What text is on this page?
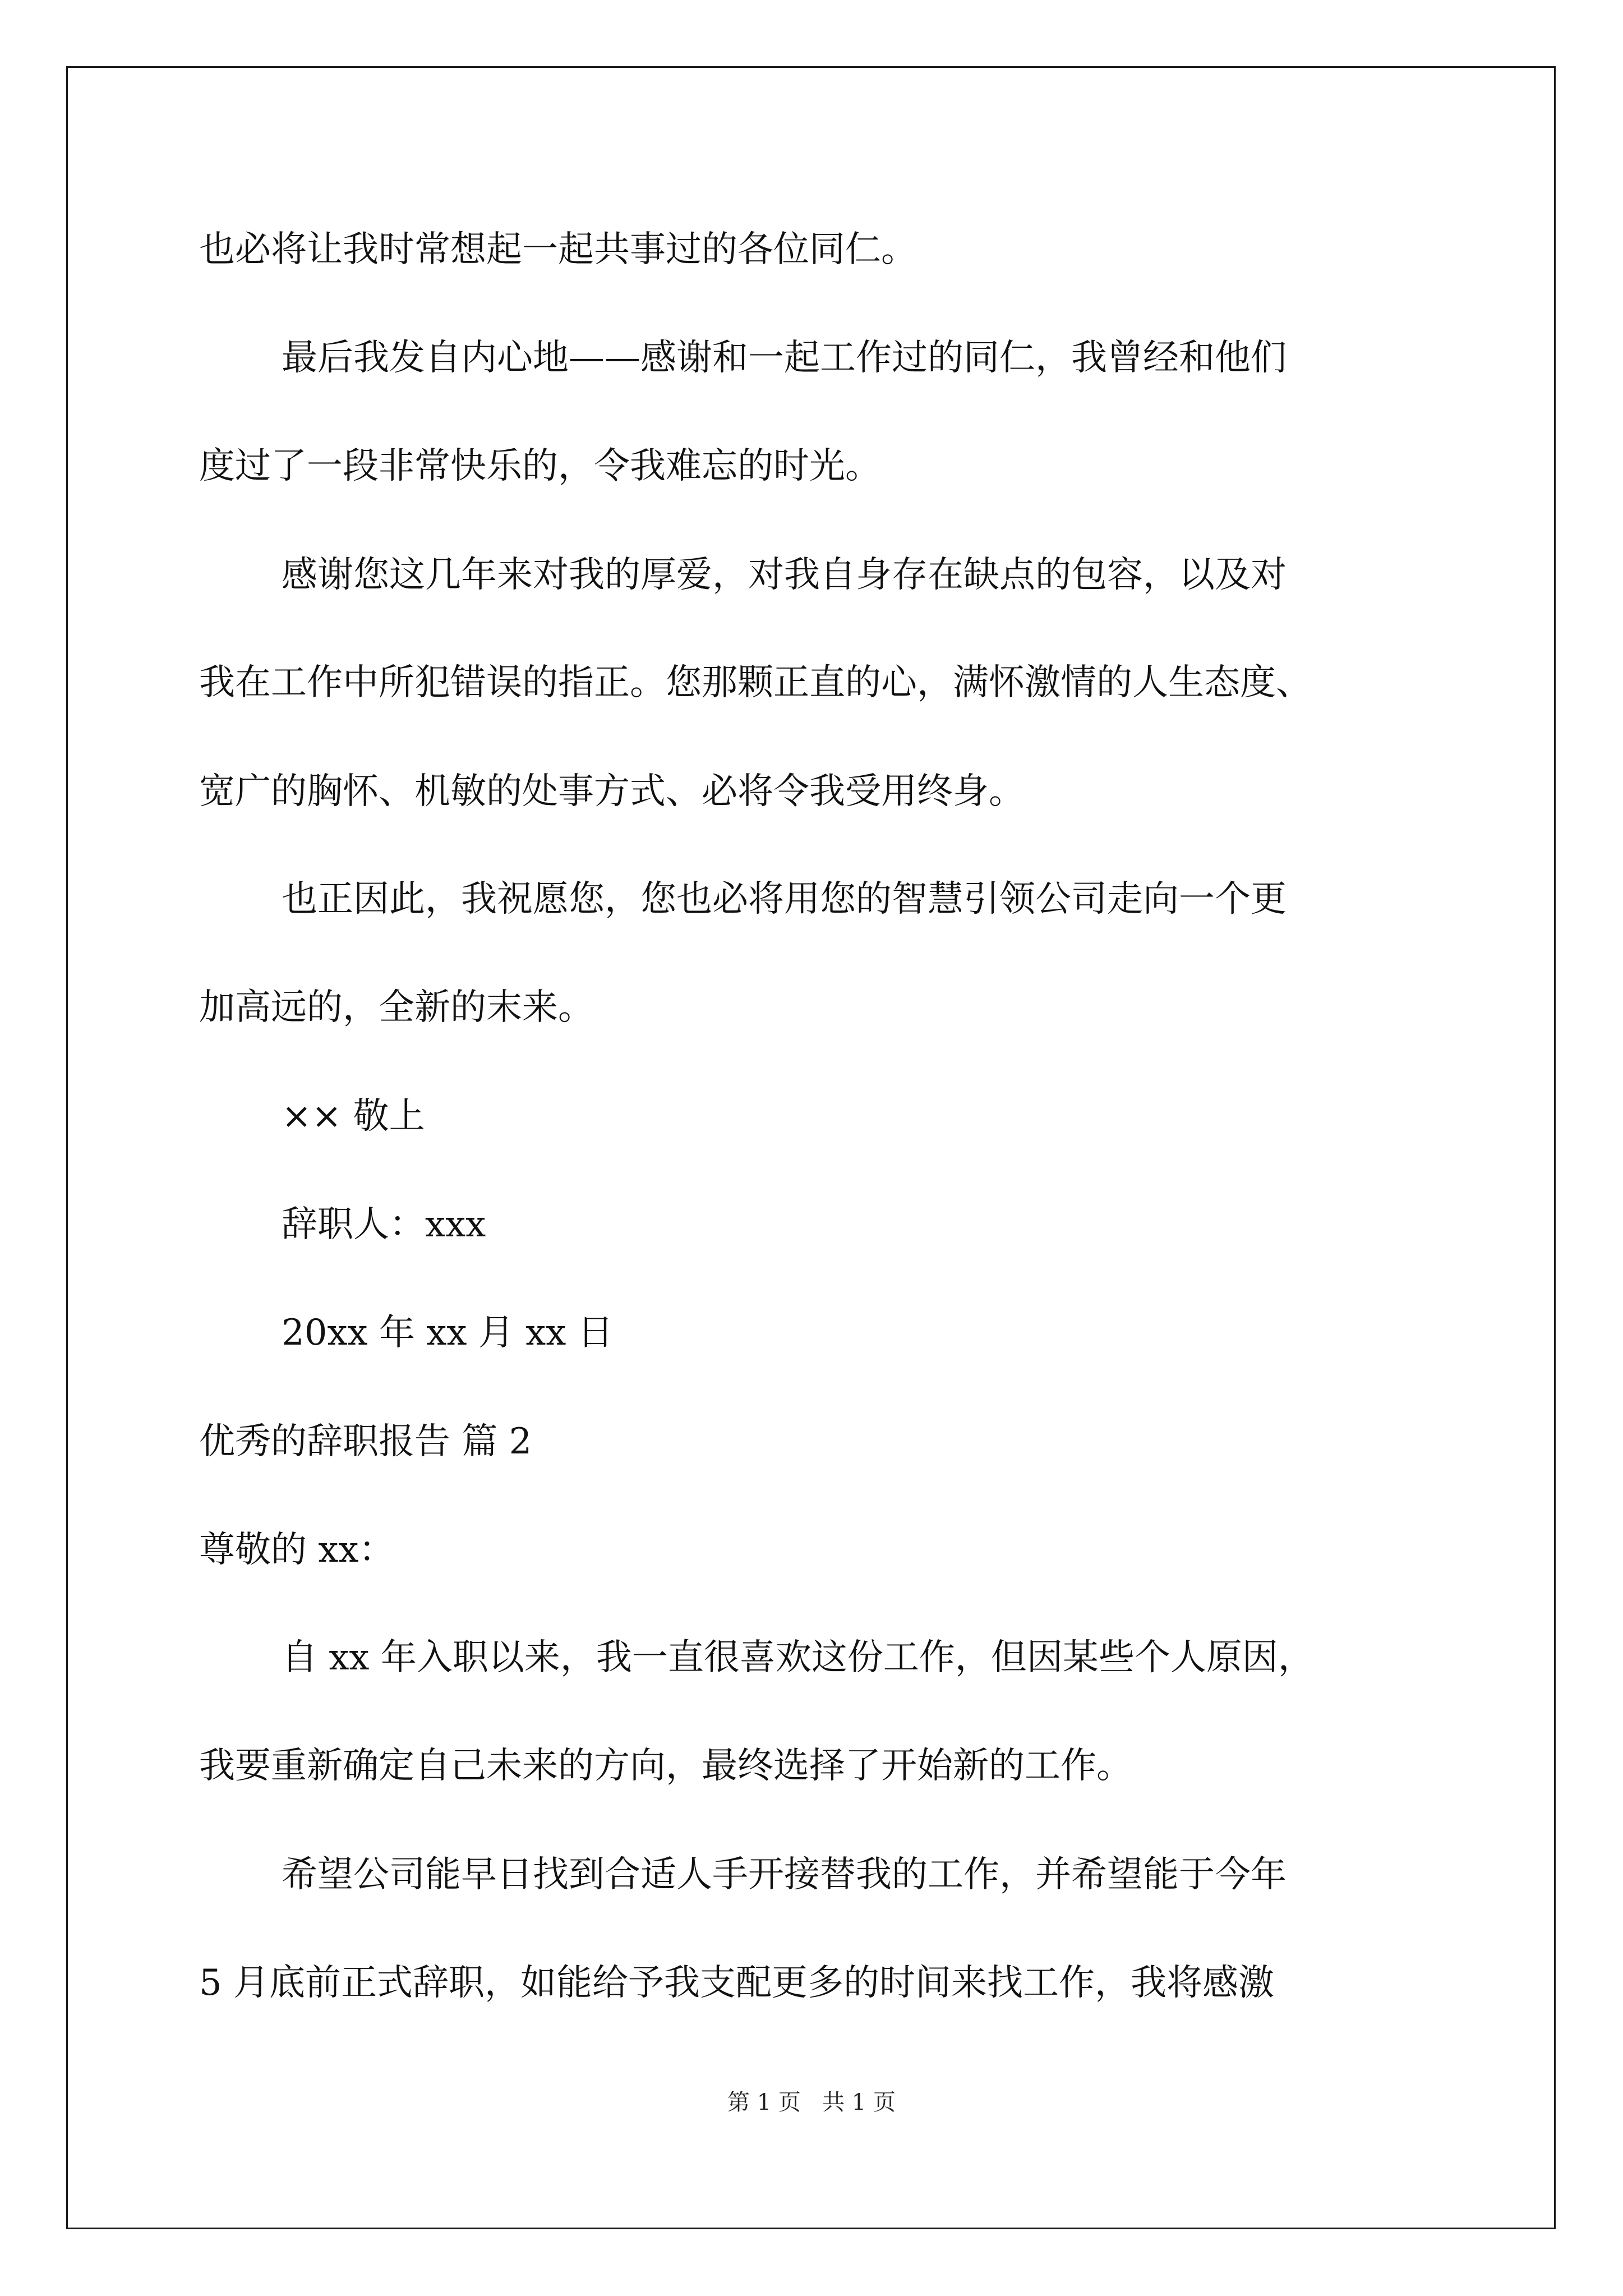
也必将让我时常想起一起共事过的各位同仁。
最后我发自内心地——感谢和一起工作过的同仁，我曾经和他们
度过了一段非常快乐的，令我难忘的时光。
感谢您这几年来对我的厚爱，对我自身存在缺点的包容，以及对
我在工作中所犯错误的指正。您那颗正直的心，满怀激情的人生态度、
宽广的胸怀、机敏的处事方式、必将令我受用终身。
也正因此，我祝愿您，您也必将用您的智慧引领公司走向一个更
加高远的，全新的末来。
×× 敬上
辞职人：xxx
20xx 年 xx 月 xx 日
优秀的辞职报告 篇 2
尊敬的 xx：
自 xx 年入职以来，我一直很喜欢这份工作，但因某些个人原因，
我要重新确定自己未来的方向，最终选择了开始新的工作。
希望公司能早日找到合适人手开接替我的工作，并希望能于今年
5 月底前正式辞职，如能给予我支配更多的时间来找工作，我将感激
第 1 页   共 1 页
